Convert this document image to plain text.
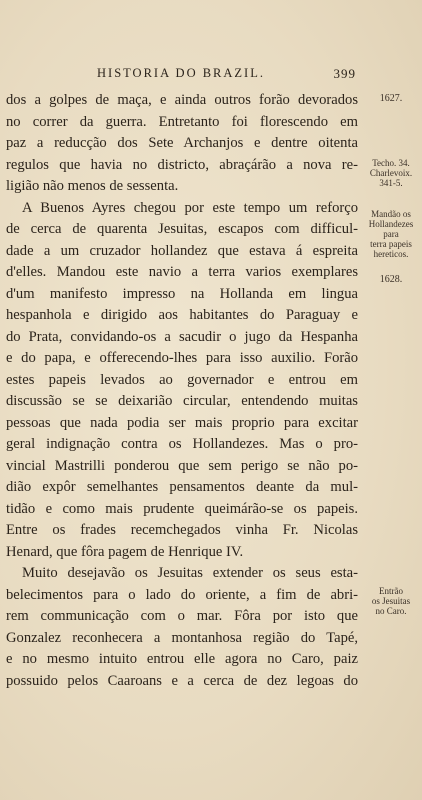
HISTORIA DO BRAZIL.	399
dos a golpes de maça, e ainda outros forão devorados
no correr da guerra. Entretanto foi florescendo em
paz a reducção dos Sete Archanjos e dentre oitenta
regulos que havia no districto, abraçárão a nova re-
ligião não menos de sessenta.
A Buenos Ayres chegou por este tempo um reforço
de cerca de quarenta Jesuitas, escapos com difficul-
dade a um cruzador hollandez que estava á espreita
d'elles. Mandou este navio a terra varios exemplares
d'um manifesto impresso na Hollanda em lingua
hespanhola e dirigido aos habitantes do Paraguay e
do Prata, convidando-os a sacudir o jugo da Hespanha
e do papa, e offerecendo-lhes para isso auxilio. Forão
estes papeis levados ao governador e entrou em
discussão se se deixarião circular, entendendo muitas
pessoas que nada podia ser mais proprio para excitar
geral indignação contra os Hollandezes. Mas o pro-
vincial Mastrilli ponderou que sem perigo se não po-
dião expôr semelhantes pensamentos deante da mul-
tidão e como mais prudente queimárão-se os papeis.
Entre os frades recemchegados vinha Fr. Nicolas
Henard, que fôra pagem de Henrique IV.
Muito desejavão os Jesuitas extender os seus esta-
belecimentos para o lado do oriente, a fim de abri-
rem communicação com o mar. Fôra por isto que
Gonzalez reconhecera a montanhosa região do Tapé,
e no mesmo intuito entrou elle agora no Caro, paiz
possuido pelos Caaroans e a cerca de dez legoas do
1627.
Techo. 34.
Charlevoix.
341-5.
Mandão os
Hollandezes
para
terra papeis
hereticos.
1628.
Entrão
os Jesuitas
no Caro.
